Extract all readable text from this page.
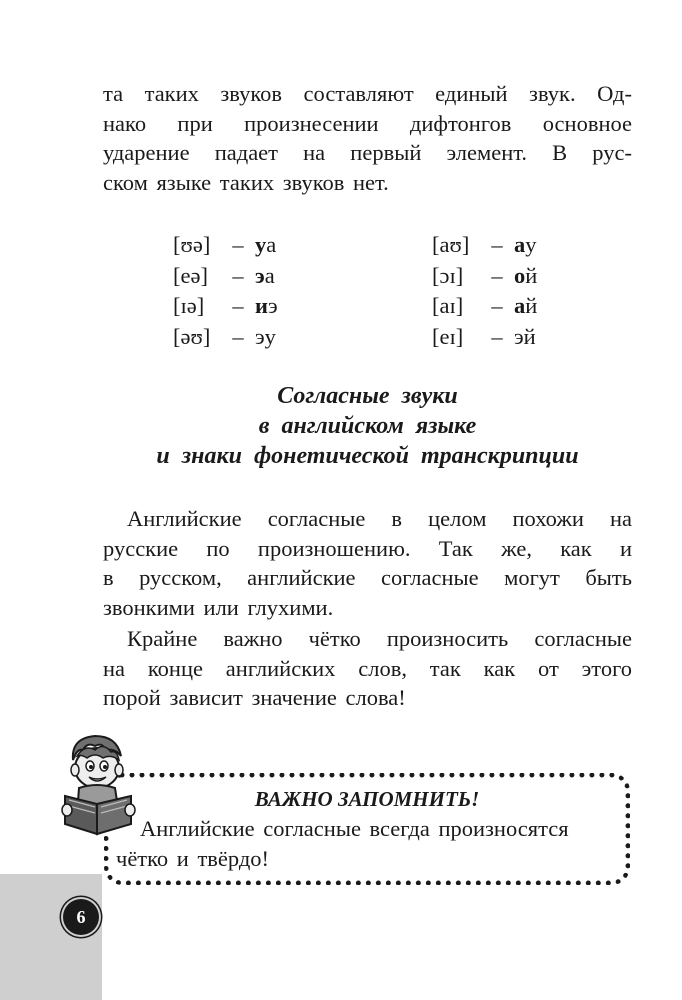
та таких звуков составляют единый звук. Од-
нако при произнесении дифтонгов основное
ударение падает на первый элемент. В рус-
ском языке таких звуков нет.
[ʊə] – уа
[eə] – эа
[ɪə] – иэ
[əʊ] – эу
[aʊ] – ау
[ɔɪ] – ой
[aɪ] – ай
[eɪ] – эй
Согласные звуки
в английском языке
и знаки фонетической транскрипции
Английские согласные в целом похожи на
русские по произношению. Так же, как и
в русском, английские согласные могут быть
звонкими или глухими.
Крайне важно чётко произносить согласные
на конце английских слов, так как от этого
порой зависит значение слова!
ВАЖНО ЗАПОМНИТЬ!
Английские согласные всегда произносятся
чётко и твёрдо!
6
